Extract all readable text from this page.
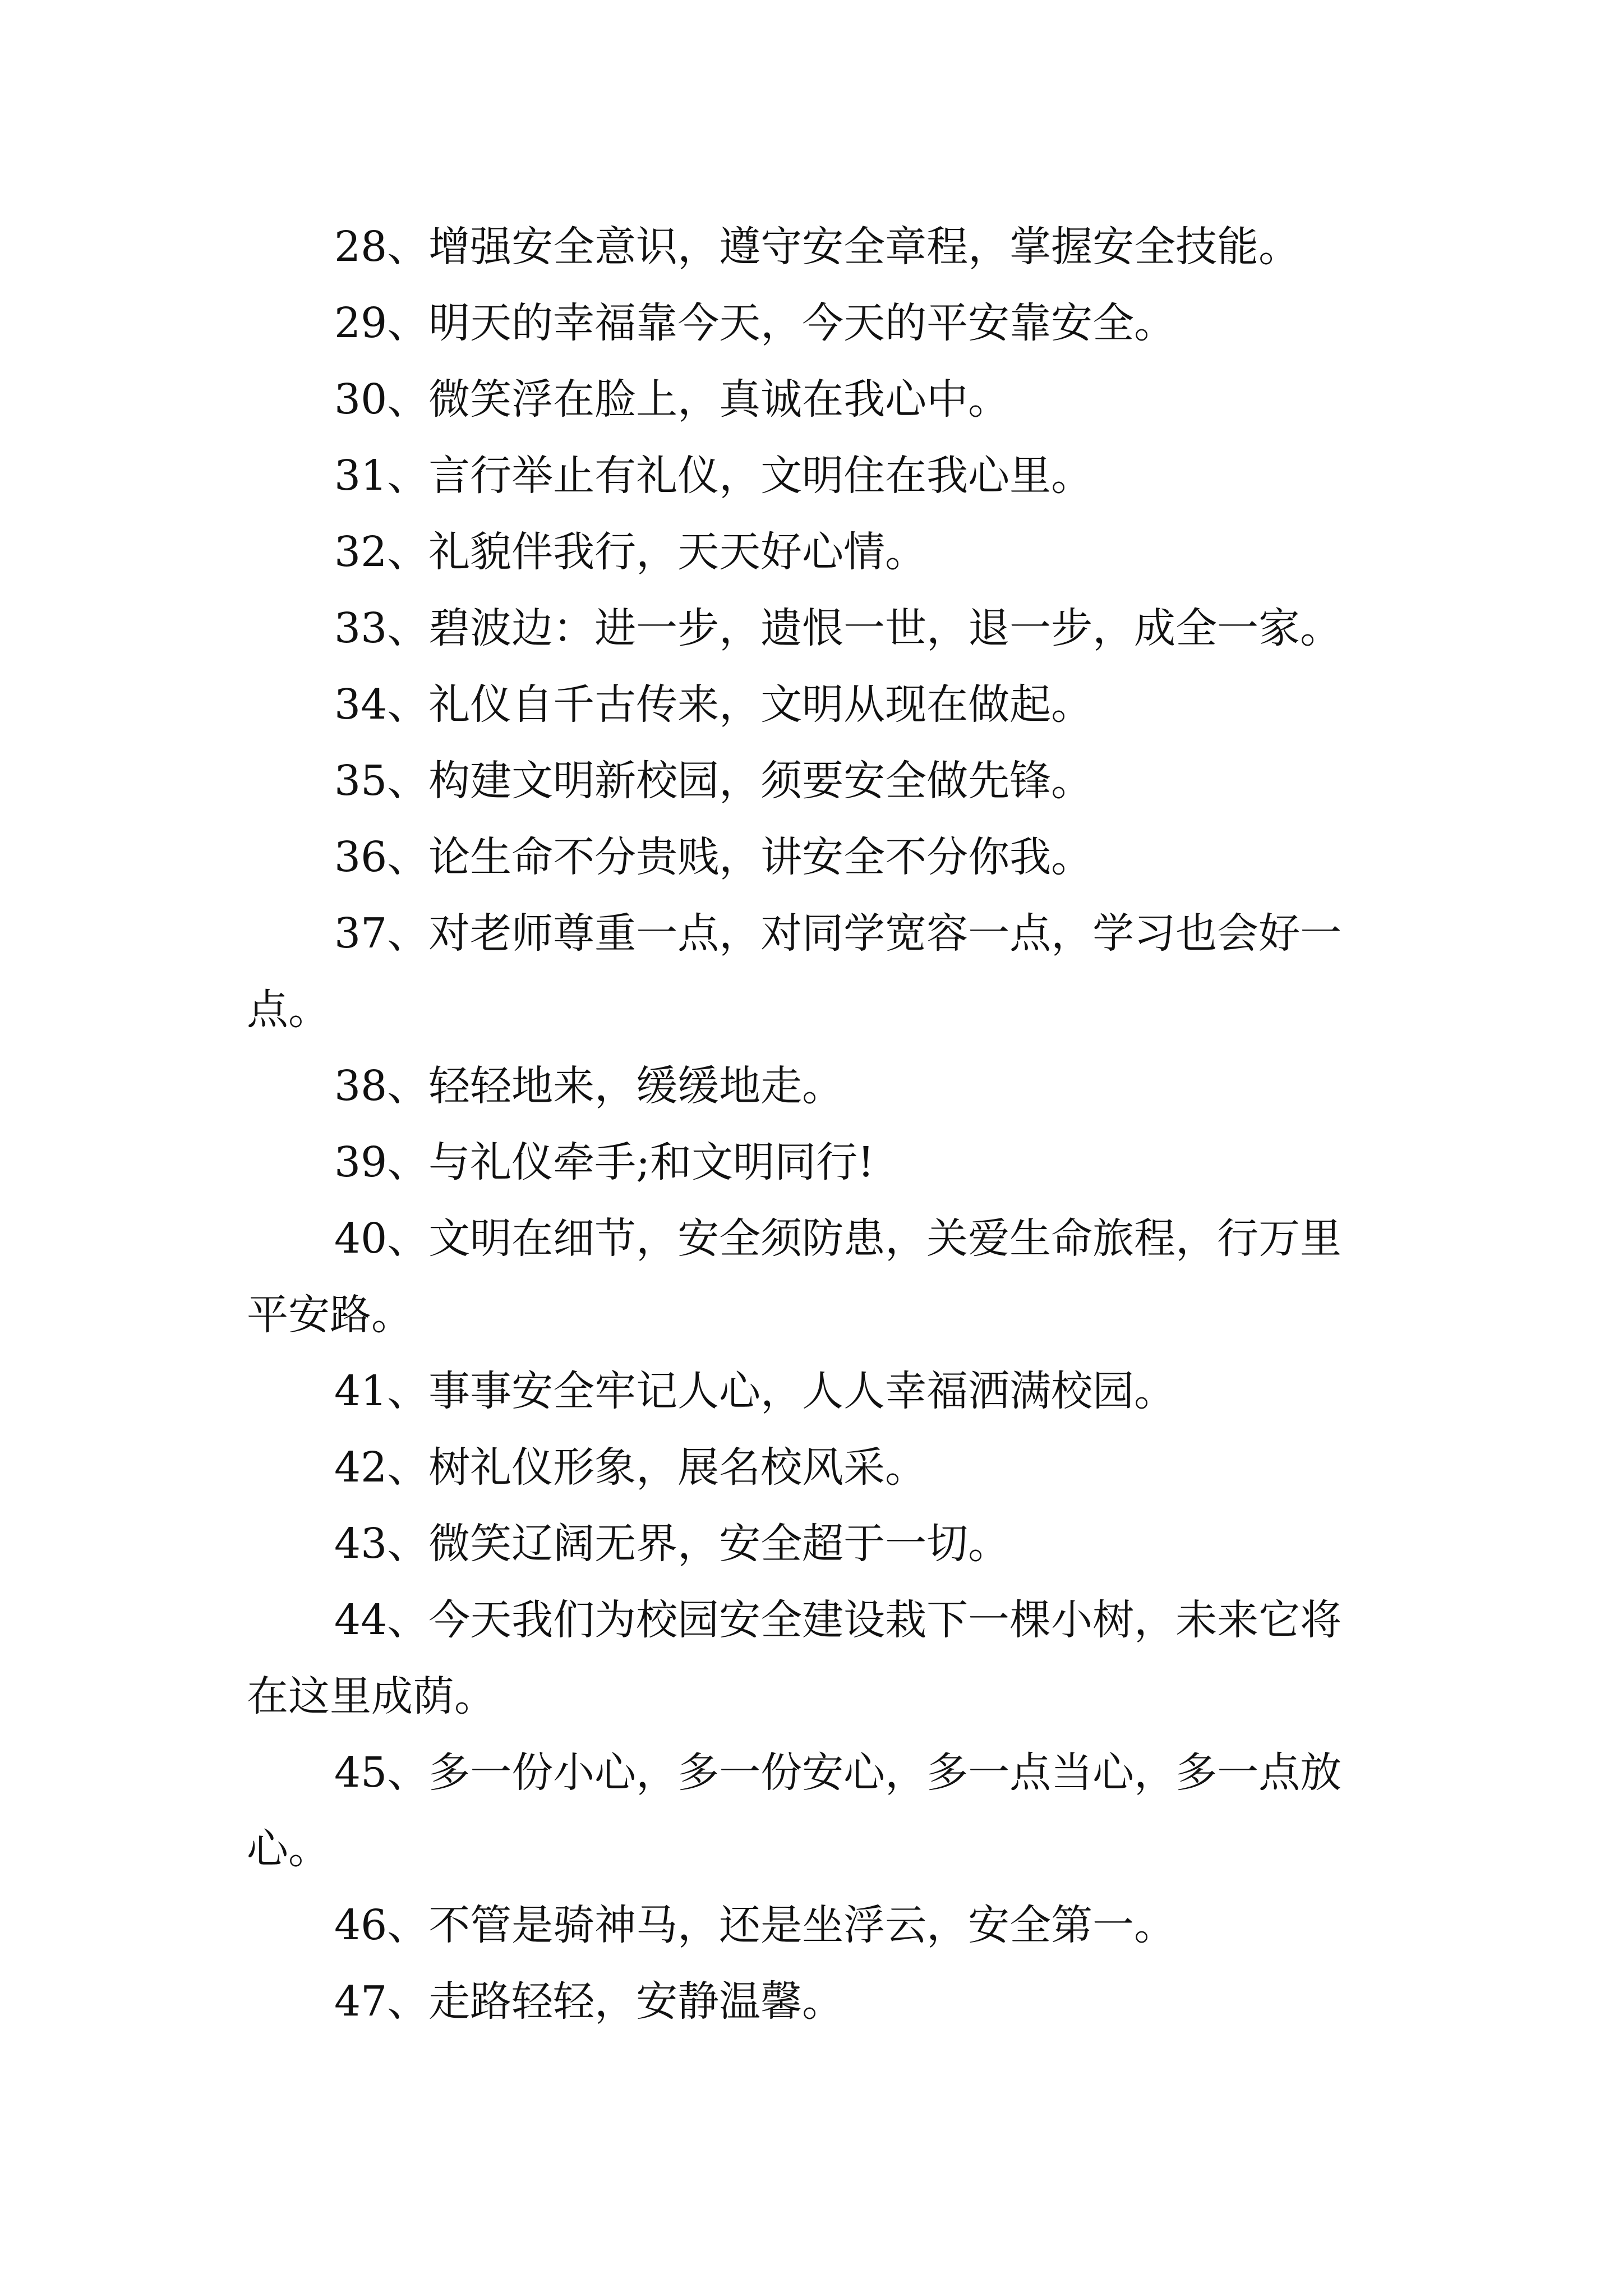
28、增强安全意识，遵守安全章程，掌握安全技能。
29、明天的幸福靠今天，今天的平安靠安全。
30、微笑浮在脸上，真诚在我心中。
31、言行举止有礼仪，文明住在我心里。
32、礼貌伴我行，天天好心情。
33、碧波边：进一步，遗恨一世，退一步，成全一家。
34、礼仪自千古传来，文明从现在做起。
35、构建文明新校园，须要安全做先锋。
36、论生命不分贵贱，讲安全不分你我。
37、对老师尊重一点，对同学宽容一点，学习也会好一
点。
38、轻轻地来，缓缓地走。
39、与礼仪牵手;和文明同行!
40、文明在细节，安全须防患，关爱生命旅程，行万里
平安路。
41、事事安全牢记人心，人人幸福洒满校园。
42、树礼仪形象，展名校风采。
43、微笑辽阔无界，安全超于一切。
44、今天我们为校园安全建设栽下一棵小树，未来它将
在这里成荫。
45、多一份小心，多一份安心，多一点当心，多一点放
心。
46、不管是骑神马，还是坐浮云，安全第一。
47、走路轻轻，安静温馨。
